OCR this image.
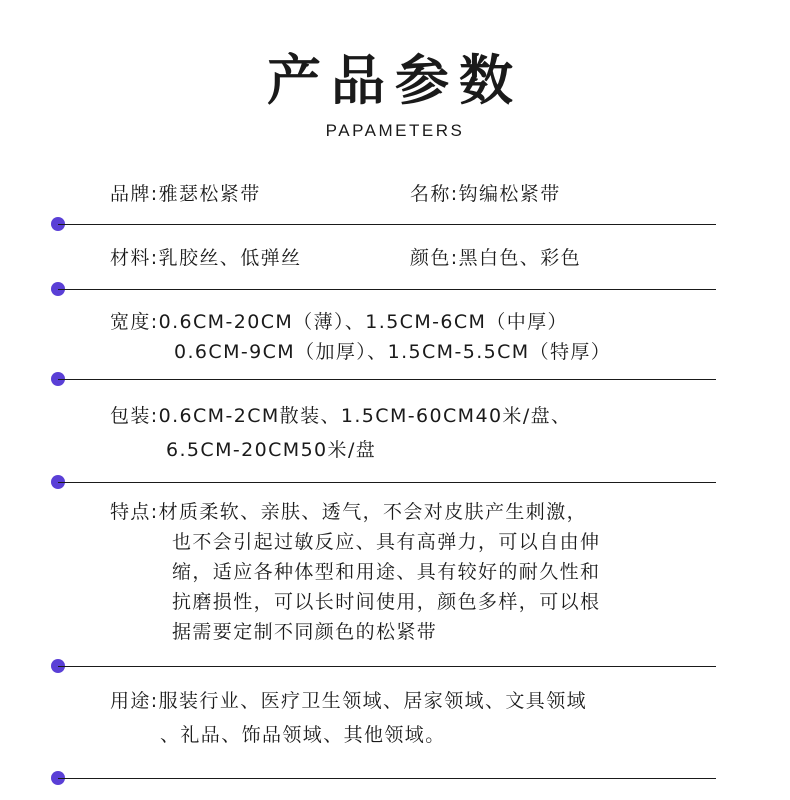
产品参数
PAPAMETERS
品牌:雅瑟松紧带	名称:钩编松紧带
材料:乳胶丝、低弹丝	颜色:黑白色、彩色
宽度:0.6CM-20CM（薄）、1.5CM-6CM（中厚）
0.6CM-9CM（加厚）、1.5CM-5.5CM（特厚）
包装:0.6CM-2CM散装、1.5CM-60CM40米/盘、
6.5CM-20CM50米/盘
特点:材质柔软、亲肤、透气，不会对皮肤产生刺激，
也不会引起过敏反应、具有高弹力，可以自由伸
缩，适应各种体型和用途、具有较好的耐久性和
抗磨损性，可以长时间使用，颜色多样，可以根
据需要定制不同颜色的松紧带
用途:服装行业、医疗卫生领域、居家领域、文具领域
、礼品、饰品领域、其他领域。
